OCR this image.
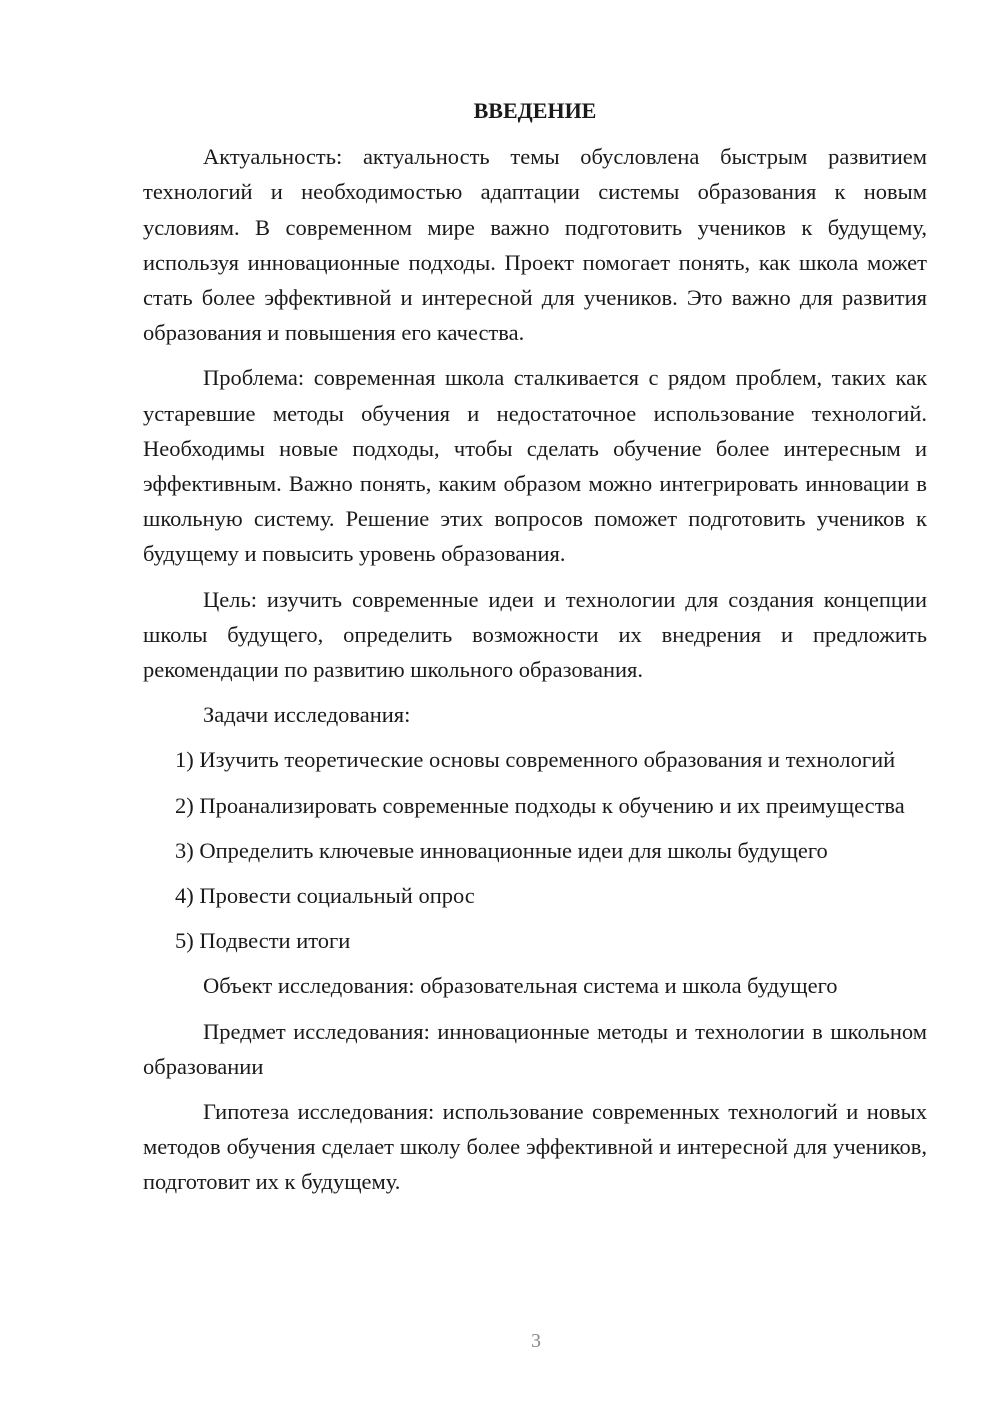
ВВЕДЕНИЕ

Актуальность: актуальность темы обусловлена быстрым развитием технологий и необходимостью адаптации системы образования к новым условиям. В современном мире важно подготовить учеников к будущему, используя инновационные подходы. Проект помогает понять, как школа может стать более эффективной и интересной для учеников. Это важно для развития образования и повышения его качества.

Проблема: современная школа сталкивается с рядом проблем, таких как устаревшие методы обучения и недостаточное использование технологий. Необходимы новые подходы, чтобы сделать обучение более интересным и эффективным. Важно понять, каким образом можно интегрировать инновации в школьную систему. Решение этих вопросов поможет подготовить учеников к будущему и повысить уровень образования.

Цель: изучить современные идеи и технологии для создания концепции школы будущего, определить возможности их внедрения и предложить рекомендации по развитию школьного образования.

Задачи исследования:

1) Изучить теоретические основы современного образования и технологий

2) Проанализировать современные подходы к обучению и их преимущества

3) Определить ключевые инновационные идеи для школы будущего

4) Провести социальный опрос

5) Подвести итоги

Объект исследования: образовательная система и школа будущего

Предмет исследования: инновационные методы и технологии в школьном образовании

Гипотеза исследования: использование современных технологий и новых методов обучения сделает школу более эффективной и интересной для учеников, подготовит их к будущему.

3
